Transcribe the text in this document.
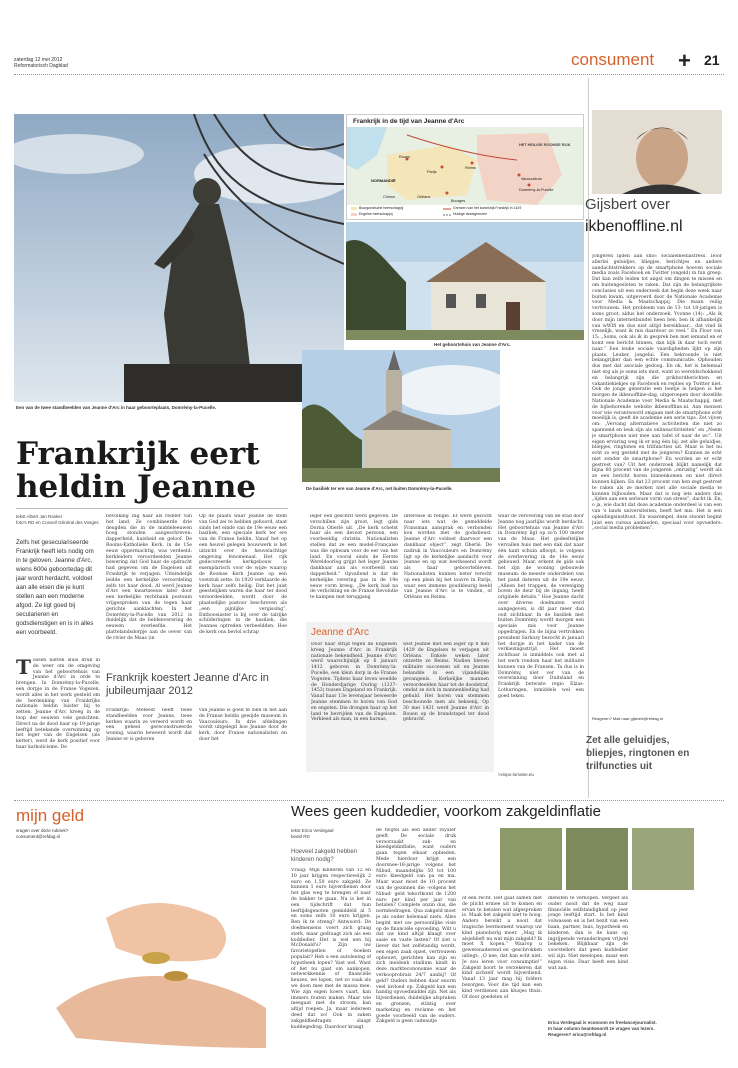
zaterdag 12 mei 2012
Reformatorisch Dagblad	consument + 21
Een van de twee standbeelden van Jeanne d'Arc in haar geboorteplaats, Domrémy-la-Pucelle.
Frankrijk in de tijd van Jeanne d'Arc
HET HEILIGE ROOMSE RIJK
Rouen
Parijs
Reims
NORMANDIË
Orléans
Vaucouleurs
Domrémy-la-Pucelle
Chinon
Bourges
Bourgondische heerschappij
Engelse heerschappij
Grenzen van het koninkrijk Frankrijk in 1429
Huidige landsgrenzen
Het geboortehuis van Jeanne d'Arc.
De basiliek ter ere van Jeanne d'Arc, net buiten Domrémy-la-Pucelle.
Frankrijk eert
heldin Jeanne
tekst Albert Jan Rasker
foto's RD en Conseil Général des Vosges
Zelfs het geseculariseerde Frankrijk heeft iets nodig om in te geloven. Jeanne d'Arc, wiens 600e geboortedag dit jaar wordt herdacht, voldoet aan alle eisen die je kunt stellen aan een moderne afgod. Ze ligt goed bij secularieren en godsdienstigen en is in alles een voorbeeld.
Tussen natten sluis druk in de weer om de omgeving van het geboortehuis van Jeanne d'Arc in orde te brengen. In Domrémy-la-Pucelle, een dorpje in de Franse Vogezen, wordt alles in het werk gesteld om de herdenking van Frankrijks nationale heldin luister bij te zetten. Jeanne d'Arc kreeg in de loop der eeuwen vele gezichten. Direct na de dood haar op 19-jarige leeftijd betekende overwinning op het leger van de Engelsen (als ketter), werd de kerk positief voor haar katholicisme. De
bevolking zag haar als redder van het land. Ze combineerde drie deugden die in de middeleeuwen hoog stonden aangeschreven: dapperheid, kuisheid en geloof. De Rooms-Katholieke Kerk, in de 15e eeuw oppermachtig, was verdeeld: kerkleiders veroordeelden Jeanne bewering dat God haar de opdracht had gegeven om de Engelsen uit Frankrijk te verjagen. Uiteindelijk leidde een kerkelijke veroordeling zelfs tot haar dood. Al werd Jeanne d'Arc een kwartseeuw later door een kerkelijke rechtbank postuum vrijgesproken van de tegen haar gerichte aanklachten. In het Domrémy-la-Pucelle van 2012 is duidelijk dat de heldenverering de eeuwen overleefde. Het plattelandsdorpje aan de oever van de rivier de Maas (in
Op de plaats waar Jeanne de stem van God zei te hebben gehoord, staat sinds het einde van de 19e eeuw een basiliek, een speciale kerk ter ere van de Franse heldin. Vanaf het op een heuvel gelegen bouwwerk is het uitzicht over de heuvelachtige omgeving fenomenaal. Het rijk gedecoreerde kerkgebouw is exemplarisch voor de wijze waarop de Roomse Kerk Jeanne op een voetstuk zette. In 1920 verklaarde de kerk haar zelfs heilig. Dat het juist geestelijken waren die haar ter dood veroordeelden, wordt door de plaatselijke pastoor beschreven als „een pijnlijke vergissing”. Entboosiaster is bij over de talrijke schilderingen in de basiliek, die Jeannes optreden verbeeldden. Hoe de kerk ons bevlol schrap
leger een geschrit werd gegeven. De verschillen zijn groot, legt gids Dorna Oberlé uit. „De kerk schetst haar als een devoot persoon, een voorbeeldig christin. Nationalisten stellen dat ze een model-Française was die opkwam voor de eer van het land. En vooral sinds de Eerste Wereldoorlog grijpt het leger Jeanne dankbaar aan als voorbeeld van dapperheid.” Opvallend is dat de kerkelijke verering pas in de 19e eeuw vorm kreeg. „De kerk had na de verlichting en de Franse Revolutie te kampen met teruggang
interesse in religie. Er werd gezocht naar iets wat de gemiddelde Fransman aansprak en verbonden kon worden met de godsdienst. Jeanne d'Arc voldoet daarvoor een dankbaar object”, zegt Oberlé. De nadruk in Vaucouleurs en Domrémy ligt op de kerkelijke aandacht voor Jeanne en op wat besthesend wordt als haar geboortebleven. Nationalisten kunnen beter terecht op een plein bij het louvre in Parijs, waar een immens goudkleurig beeld van Jeanne d'Arc is te vinden, of Orléans en Reims.
waar de verovering van de stad door Jeanne nog jaarlijks wordt herdacht. Het geboortehuis van Jeanne d'Arc in Domrémy ligt op zo'n 100 meter van de Maas. Het gedeeltelijke vervallen huis met een dak dat naar één kant schuin afloopt, is volgens de overlevering in de 14e eeuw gebouwd. Maar, erkent de gids ook het zijn de woning gebouwde museum: de meeste onderdelen van het pand dateren uit de 19e eeuw. „Alleen het trappen, de vereniging boven de deur bij de ingang, heeft originele details.” Hoe Jeanne dacht over diverse doelmaten werd aangegeven, is dit jaar meer dan ooit zichtbaar. In de basiliek met buiten Domrémy wordt morgen een speciale mis voor Jeanne opgedragen. En de bijna vertrokken president Sarkozy bezocht in januari het dorpje in het kader van de verkiezingsstrijd. Het moest zichtbaar is inmiddels ook met al het werk rondom haar het militaire kunnen van de Fransen. Ta dus is in Domrémy, niet ver van de overwinning door Duitsland en Frankrijk betwiste regio Elzas-Lotharingen, inmiddels wel een goed teken.
>vispo-lorraine.eu
Frankrijk koestert Jeanne d'Arc in jubileumjaar 2012
Frankrijk: Meteest heeft twee standbeelden voor Jeanne, twee kerken waarin ze vereerd wordt en een geheel gereconstrueerde woning, waarin beweerd wordt dat Jeanne er is geboren
van Jeanne is goed te zien in het aan de Franse heldin gewijde museum in Vaucouleurs. In drie afdelingen wordt uitgelegd hoe Jeanne door de kerk, door Franse nationalisten en door het
Jeanne d'Arc
Door haar strijd tegen de Engelsen kreeg Jeanne d'Arc in Frankrijk nationale bekendheid. Jeanne d'Arc werd waarschijnlijk op 6 januari 1412 geboren in Domrémy-la-Pucelle, een klein dorp in de Franse Vogezen. Tijdens haar leven woedde de Honderdjarige Oorlog (1337-1453) tussen Engeland en Frankrijk. Vanaf haar 13e levensjaar beweerde Jeanne stemmen te horen van God en engelen. Die drongen haar op het land te bevrijden van de Engelsen. Verkleed als man, in een harnas,
wist Jeanne met een leger op 8 mei 1429 de Engelsen te verjagen uit Orléans. Enkele weken later ontzette ze Reims. Nadien bleven militaire successen uit en Jeanne belandde in een vijandelijke gevangenis. Kerkelijke mannen veroordeelden haar tot de doodstraf, omdat ze zich in mannenkleding had gehuld. Het horen van stemmen beschouwde men als heksenij. Op 30 mei 1431 werd Jeanne d'Arc in Rouen op de brandstapel ter dood gebracht.
Gijsbert over
ikbenoffline.nl
Jongeren lijden aan smo: socialemediastress. Door allerlei geluidjes, bliepjes, berichtjes en andere aandachtstrekkers op de smartphone hoeven sociale media zoals Facebook en Twitter (ongeld) in fun greep. Dat kan zelfs leiden tot angst om dingen te missen en om buitengesloten te raken. Dat zijn de belangrijkste conclusies uit een onderzoek dat begin deze week naar buiten kwam, uitgevoerd door de Nationale Academie voor Media & Maatschappij. Die maan veilig vertrouwen. Het probleem van de 13- tot 18-jarigen is soms groot, aldus het onderzoek. Yvonne (14): „Als ik door mijn internetbundel heen ben, ben ik afhankelijk van wWIfi en dus niet altijd bereikbaar... dat vind ik vreselijk, want ik mis daardoor zo veel.” En Floor van 15: „Soms, ook als ik in gesprek ben met iemand en er komt een bericht binnen, dan kijk ik daar toch eerst naar.” Een leuke sociale vaardigheden lijkt op zijn plaats. Leuker, jongelui. Een bekroonde is niet belangrijker dan een echte communicatie. Ophouden dus met dat asociale gedoog. En ok, het is helemaal niet erg als je soms iets mist, want zo wereldschokkend en belangrijk zijn die prikbordberichten en vakantiekiekjes op Facebook en replies op Twitter niet. Ook de jonge generatie een beetje is helpen is het morgen de ikbenoffline-dag, uitgeroepen door dezelfde Nationale Academie voor Media & Maatschappij, met de bijbehorende website ikbenoffline.nl. Aan mensen voor wie verantwoord omgaan met de smartphone echt moeilijk is, geeft de academie een serie tips. Zet vijven om: „Vervang alternatieve activiteiten die niet zo spannend en leuk zijn als onlineactiviteiten” en „Neem je smartphone niet mee aan tafel of naar de wc”. Uit eigen ervaring weg ik er nog één bij: zet alle geluidjes, bliepjes, ringtones en trilfuncties uit. Maar is het nu echt zo erg gesteld met de jongeren? Kunnen ze echt niet zonder de smartphone? En worden ze er echt gestrest van? Uit het onderzoek blijkt namelijk dat bijna 60 procent van de jongeren „onrustig” wordt als ze een bericht horen binnenkomen en niet direct kunnen kijken. En dat 23 procent van hen zegt gestrest te raken als ze merken niet alle sociale media te kunnen bijhouden. Maar dat is nog iets anders dan „lijden aan een serieuze vorm van stress”, dacht ik. En, o ja, wie dacht dat deze academie onderdeel is van een van 's lands universiteiten, heeft het mis. Het is een opleidingsinstituut. En waarempel, deze stoomt begint juist een cursus aanbieden, speciaal voor opvoeders: „social media problemen”.
Reageren? Mail naar gijsbert@refdag.nl
Zet alle geluidjes, bliepjes, ringtonen en trilfuncties uit
mijn geld
vragen over deze rubriek?
consument@refdag.nl
Wees geen kuddedier, voorkom zakgeldinflatie
tekst Erica Verdegaal
beeld RD
Hoeveel zakgeld hebben kinderen nodig?
Vraag: Mijn kinderen van 12 en 10 jaar krijgen respectievelijk 2 euro en 1,50 euro zakgeld. Ze kunnen 1 euro bijverdienen door het glas weg te brengen of naar de bakker te gaan. Nu is het in een tijdschrift dat hun leeftijdsgenoten gemiddeld al 5 en soms zelfs 10 euro krijgen. Ben ik te streng? Antwoord: De doelmensens voert zich graag sterk, maar gedraagt zich als een kuddedier. Het is wel een bij McDonald's? Zijn uw favorietspellen of -boeken populair? Heb u een autolening of hypotheek lopen? Vast wel. Want of het nu gaat om aankopen, netwerkkennis of financiële keuzes, we lopen, net zo vaak als we doen mee met de massa mee. Wie zijn eigen koers vaart, kan immers fouten maken. Maar wie meegaat met de stroom, kan altijd roepen: Ja, maar iedereen deed dat zo! Ook in zaken zakgeldbedragen slaapt kuddegedrag. Daardoor kraagt
de twijfel als een ander royaler geeft. De sociale druk veroorzaakt zak- en kleedgeldinflatie, want ouders gaan tegen elkaar opbieden. Mede hierdoor krijgt een doorsnee-18-jarige volgens het Nibud, maandelijks 50 tot 100 euro kleedgeld van pa en ma. Maar waar moet de 10 procent van de gezinnen die -volgens het Nibud- geld tekortkomt de 1200 euro per kind per jaar van betalen? Complete onzin dus, die normbedragen. Qua zakgeld moet je als ouder helemaal niets. Alles begint met uw persoonlijke visie op de financiële opvoeding. Wilt u dat uw kind altijd klaagt over saaie en vaste lasten? Of ziet u liever dat het zelfstandig wordt, een eigen zaak opzet, vertrouwen opbouwt, gerichten kan zijn en zich ineidenk stadium kindt in deze marktecononomie waar de verkooprobrais 24/7 aanbij? Of geld? Ouders hebben daar enorm veel invloed op. Zakgeld kan een handig opvoedmiddel zijn. Net als bijverdienen, duidelijke afspraken en grenzen, stilstig over marketing en reclame en het goede voorbeeld van de ouders. Zakgeld is geen cadeautje
of een recht. Het gaat samen met de plicht ermee uit te komen en ervan te betalen wat afgesproken is. Maak het zakgeld niet te hoog. Anders bereikt u nooit dat tragische leermoment waarop uw kind pianoborlg meer. „Mag ik alsjeblieft nu wat mijn zakgeld? Ik moet X kopen.” Waarop u gewetenaderend en -geschrokken uitlegt: „O nee, dat kan echt niet. Je zou leren voor consumptie!” Zakgeld hoort te verzekeren dat kind zichzelf wordt bijverdiend. Vanaf 13 jaar mag hij folders bezorgen. Voor die tijd kan een kind verdienen aan klusjes thuis. Of door goedelen of
diensten te verkopen. Vergeet als ouder nooit dat de weg naar financiële zelfstandigheid op jeer jonge leeftijd start. Is het kind volwassen en is het bezit van een baan, partner, huis, hypotheek en kinderen, dan is de kans op ingrijpende veranderingen vrijwel bekeken. Blijkbaar zijn de voorstellers dat geen kuddedier wil zijn. Niet meelopen, maar een eigen visie. Daar heeft een kind wat aan.
Erica Verdegaal is econoom en freelancejournalist.
In haar column beantwoordt ze vragen van lezers.
Reageren? erica@refdag.nl
